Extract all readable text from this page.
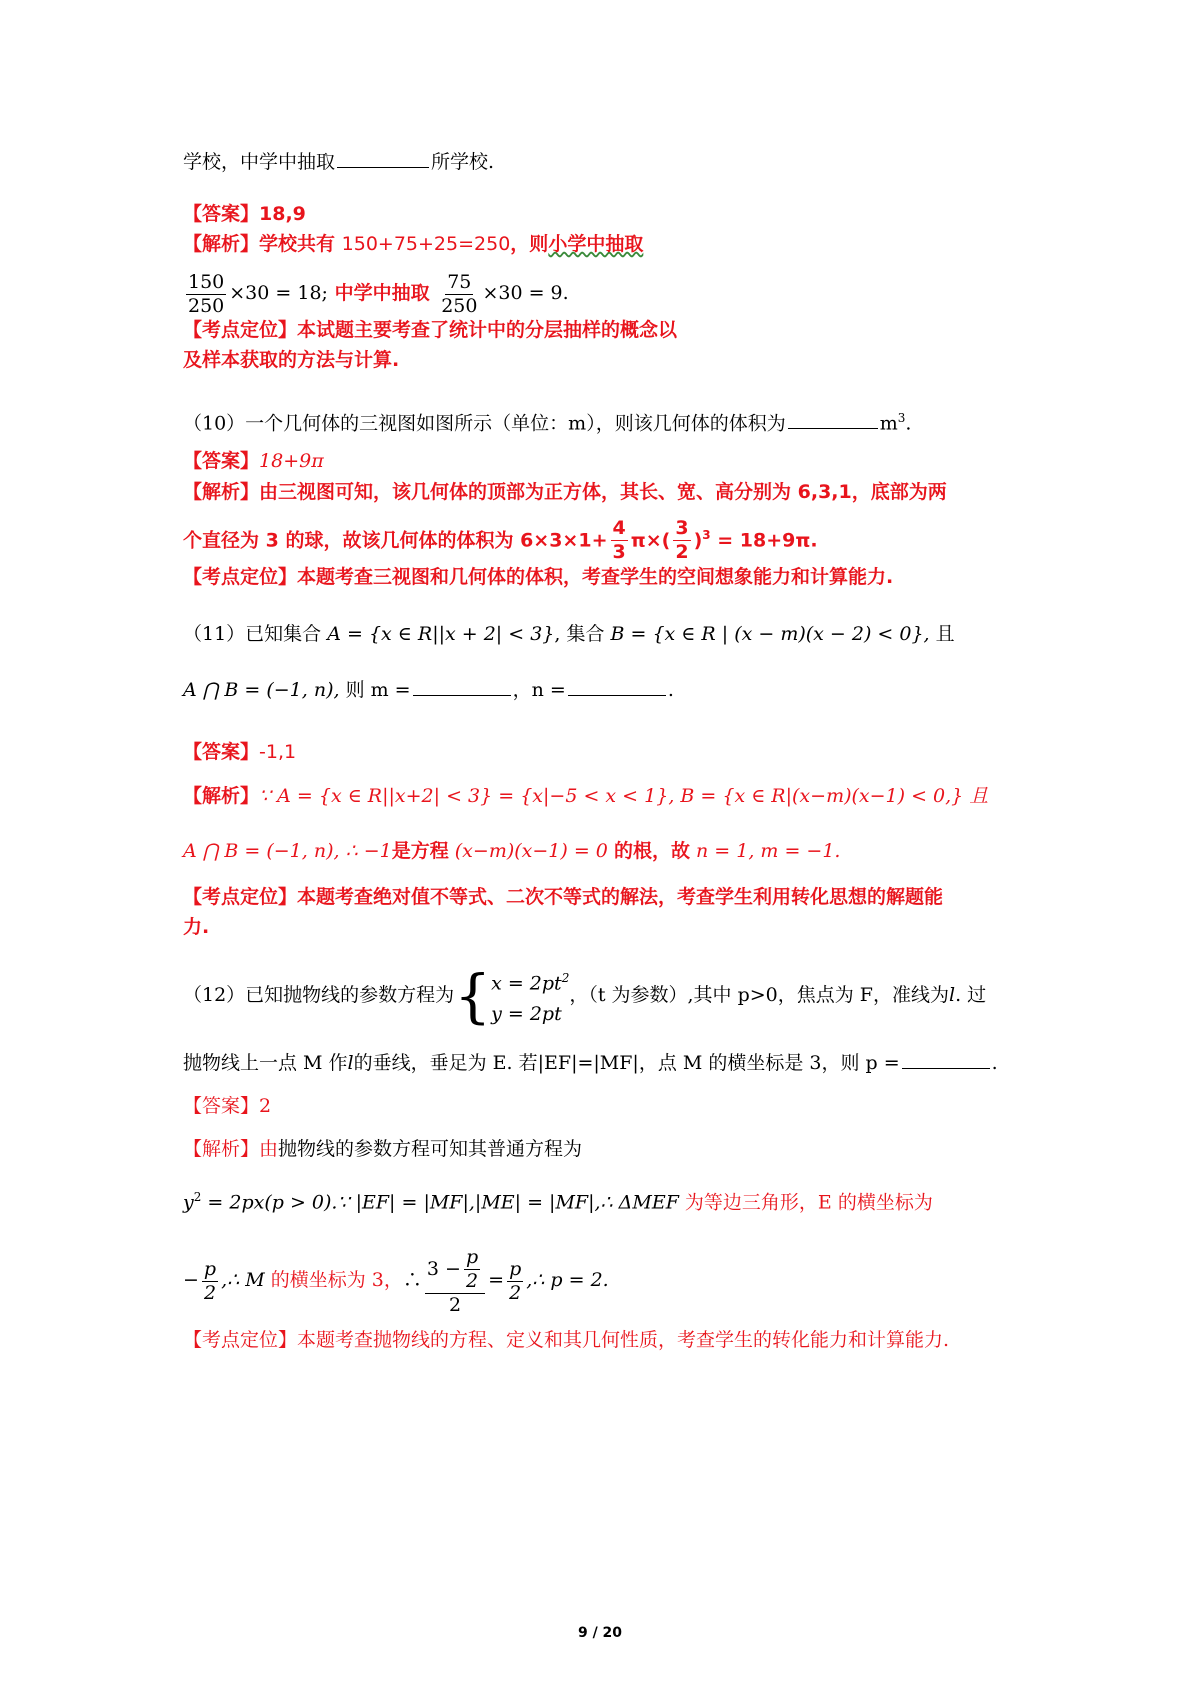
学校，中学中抽取	所学校.
【答案】18,9
【解析】学校共有 150+75+25=250，则小学中抽取
$\frac{150}{250} \times 30 = 18$; 中学中抽取 $\frac{75}{250} \times 30 = 9$.
【考点定位】本试题主要考查了统计中的分层抽样的概念以
及样本获取的方法与计算.
（10）一个几何体的三视图如图所示（单位：m），则该几何体的体积为	$m^3$.
【答案】18+9π
【解析】由三视图可知，该几何体的顶部为正方体，其长、宽、高分别为 6,3,1，底部为两
个直径为 3 的球，故该几何体的体积为 $6\times 3\times 1+ \frac{4}{3} \pi\times( \frac{3}{2} )^3 = 18+9\pi$.
【考点定位】本题考查三视图和几何体的体积，考查学生的空间想象能力和计算能力.
（11）已知集合 A = {x ∈ R||x + 2| < 3}, 集合 B = {x ∈ R | (x − m)(x − 2) < 0}, 且
A ⋂ B = (−1, n), 则 m =	，n =	.
【答案】-1,1
【解析】∵ A = {x ∈ R||x+2| < 3} = {x|−5 < x < 1}, B = {x ∈ R|(x−m)(x−1) < 0,} 且
A ⋂ B = (−1, n), ∴ −1是方程 (x−m)(x−1) = 0 的根，故 n = 1, m = −1.
【考点定位】本题考查绝对值不等式、二次不等式的解法，考查学生利用转化思想的解题能
力.
（12）已知抛物线的参数方程为{ $x = 2pt^2$
y = 2pt
，（t 为参数）,其中 p>0，焦点为 F，准线为l. 过
抛物线上一点 M 作l的垂线，垂足为 E. 若|EF|=|MF|，点 M 的横坐标是 3，则 p =	.
【答案】2
【解析】由抛物线的参数方程可知其普通方程为
$y^2 = 2px(p$ > 0).∵ |EF| = |MF|,|ME| = |MF|,∴ ΔMEF 为等边三角形，E 的横坐标为
− $\frac{p}{2}$ ,∴ M 的横坐标为 3，∴ $\frac{3 - \frac{p}{2}}{2} = \frac{p}{2}$ ,∴ p = 2.
【考点定位】本题考查抛物线的方程、定义和其几何性质，考查学生的转化能力和计算能力.
9 / 20
